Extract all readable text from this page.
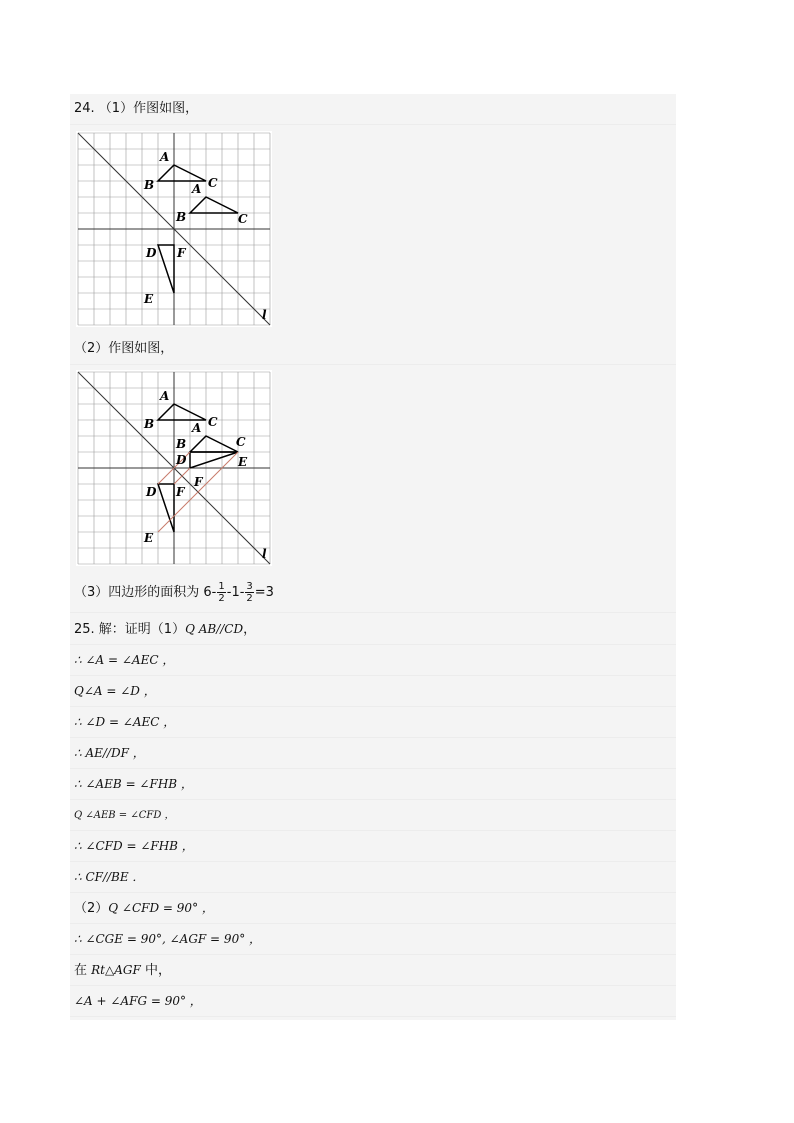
24. （1）作图如图，
A
B	C
A
B	C
D F
E
l
（2）作图如图，
A
B	C
A
B	C
D	E
D F
F
E
l
（3）四边形的面积为 $6- \frac{1}{2} -1- \frac{3}{2} =3$
25. 解：证明（1）Q AB//CD，
∴ ∠A = ∠AEC ，
Q∠A = ∠D ，
∴ ∠D = ∠AEC ，
∴ AE//DF ，
∴ ∠AEB = ∠FHB ，
Q ∠AEB = ∠CFD ，
∴ ∠CFD = ∠FHB ，
∴ CF//BE ．
（2）Q ∠CFD = 90° ，
∴ ∠CGE = 90°, ∠AGF = 90° ，
在 Rt△AGF 中，
∠A + ∠AFG = 90° ，
